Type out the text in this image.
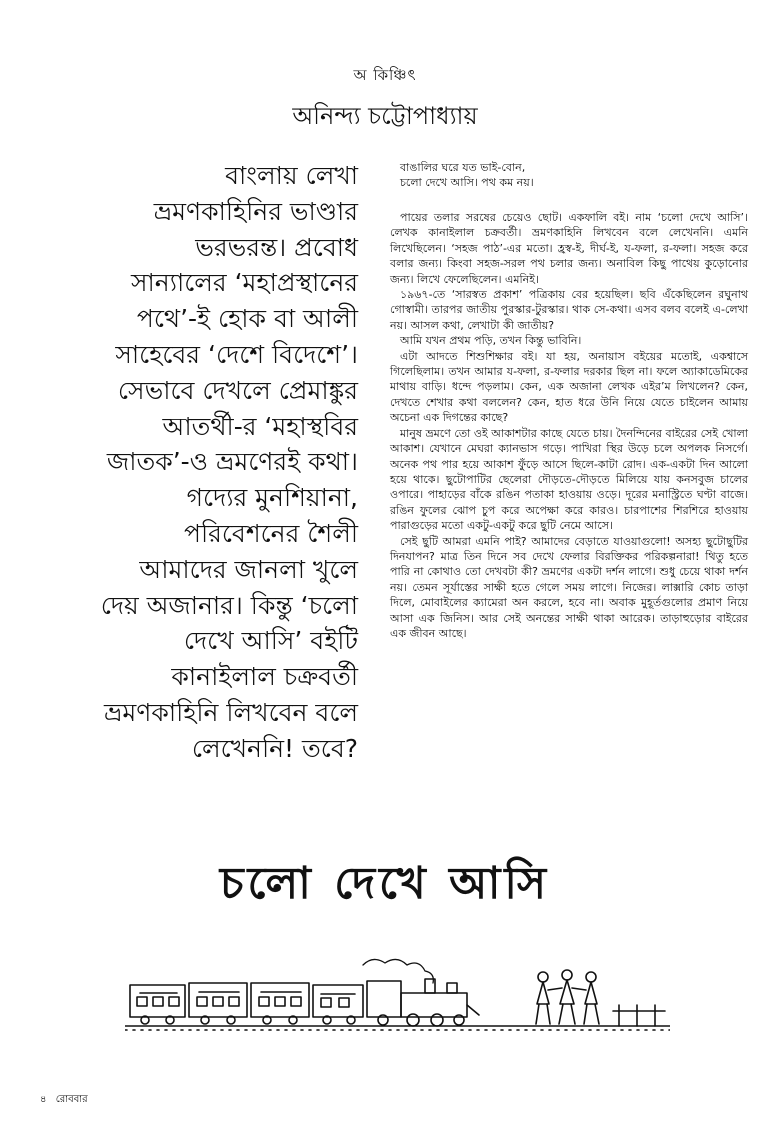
অ কিঞ্চিৎ
অনিন্দ্য চট্টোপাধ্যায়
বাংলায় লেখা
ভ্রমণকাহিনির ভাণ্ডার
ভরভরন্ত। প্রবোধ
সান্যালের ‘মহাপ্রস্থানের
পথে’-ই হোক বা আলী
সাহেবের ‘দেশে বিদেশে’।
সেভাবে দেখলে প্রেমাঙ্কুর
আতর্থী-র ‘মহাস্থবির
জাতক’-ও ভ্রমণেরই কথা।
গদ্যের মুনশিয়ানা,
পরিবেশনের শৈলী
আমাদের জানলা খুলে
দেয় অজানার। কিন্তু ‘চলো
দেখে আসি’ বইটি
কানাইলাল চক্রবর্তী
ভ্রমণকাহিনি লিখবেন বলে
লেখেননি! তবে?
বাঙালির ঘরে যত ভাই-বোন,
চলো দেখে আসি। পথ কম নয়।

পায়ের তলার সরষের চেয়েও ছোট। একফালি বই। নাম ‘চলো দেখে আসি’। লেখক কানাইলাল চক্রবর্তী। ভ্রমণকাহিনি লিখবেন বলে লেখেননি। এমনি লিখেছিলেন। ‘সহজ পাঠ’-এর মতো। হ্রস্ব-ই, দীর্ঘ-ই, য-ফলা, র-ফলা। সহজ করে বলার জন্য। কিংবা সহজ-সরল পথ চলার জন্য। অনাবিল কিছু পাথেয় কুড়োনোর জন্য। লিখে ফেলেছিলেন। এমনিই।

১৯৬৭-তে ‘সারস্বত প্রকাশ’ পত্রিকায় বের হয়েছিল। ছবি এঁকেছিলেন রঘুনাথ গোস্বামী। তারপর জাতীয় পুরস্কার-টুরস্কার। থাক সে-কথা। এসব বলব বলেই এ-লেখা নয়। আসল কথা, লেখাটা কী জাতীয়?

আমি যখন প্রথম পড়ি, তখন কিন্তু ভাবিনি।

এটা আদতে শিশুশিক্ষার বই। যা হয়, অনায়াস বইয়ের মতোই, একশ্বাসে গিলেছিলাম। তখন আমার য-ফলা, র-ফলার দরকার ছিল না। ফলে অ্যাকাডেমিকের মাথায় বাড়ি। ধন্দে পড়লাম। কেন, এক অজানা লেখক এইর’ম লিখলেন? কেন, দেখতে শেখার কথা বললেন? কেন, হাত ধরে উনি নিয়ে যেতে চাইলেন আমায় অচেনা এক দিগন্তের কাছে?

মানুষ ভ্রমণে তো ওই আকাশটার কাছে যেতে চায়। দৈনন্দিনের বাইরের সেই খোলা আকাশ। যেখানে মেঘরা ক্যানভাস গড়ে। পাখিরা স্থির উড়ে চলে অপলক নিসর্গে। অনেক পথ পার হয়ে আকাশ ফুঁড়ে আসে ছিলে-কাটা রোদ। এক-একটা দিন আলো হয়ে থাকে। ছুটোপাটির ছেলেরা দৌড়তে-দৌড়তে মিলিয়ে যায় কনসবুজ চালের ওপারে। পাহাড়ের বাঁকে রঙিন পতাকা হাওয়ায় ওড়ে। দূরের মনাস্ট্রিতে ঘণ্টা বাজে। রঙিন ফুলের ঝোপ চুপ করে অপেক্ষা করে কারও। চারপাশের শিরশিরে হাওয়ায় পারাগুড়ের মতো একটু-একটু করে ছুটি নেমে আসে।

সেই ছুটি আমরা এমনি পাই? আমাদের বেড়াতে যাওয়াগুলো! অসহ্য ছুটোছুটির দিনযাপন? মাত্র তিন দিনে সব দেখে ফেলার বিরক্তিকর পরিকল্পনারা! থিতু হতে পারি না কোথাও তো দেখবটা কী? ভ্রমণের একটা দর্শন লাগে। শুধু চেয়ে থাকা দর্শন নয়। তেমন সূর্যাস্তের সাক্ষী হতে গেলে সময় লাগে। নিজের। লাক্সারি কোচ তাড়া দিলে, মোবাইলের ক্যামেরা অন করলে, হবে না। অবাক মুহূর্তগুলোর প্রমাণ নিয়ে আসা এক জিনিস। আর সেই অনন্তের সাক্ষী থাকা আরেক। তাড়াহুড়োর বাইরের এক জীবন আছে।

চলো দেখে আসি
৪ রোববার
